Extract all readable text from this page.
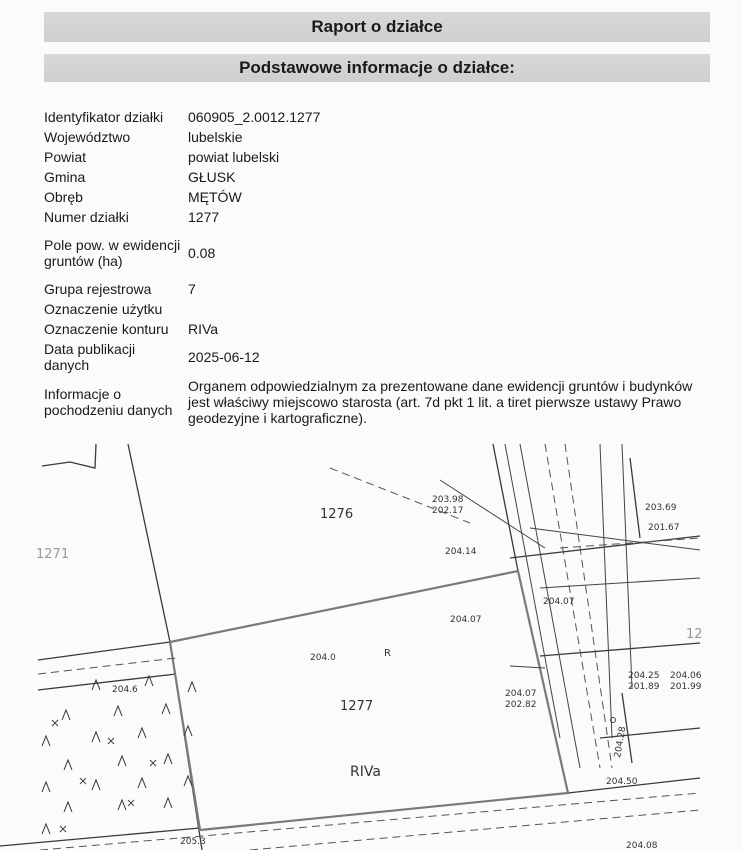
Raport o działce
Podstawowe informacje o działce:
Identyfikator działki	060905_2.0012.1277
Województwo	lubelskie
Powiat	powiat lubelski
Gmina	GŁUSK
Obręb	MĘTÓW
Numer działki	1277
Pole pow. w ewidencji gruntów (ha)	0.08
Grupa rejestrowa	7
Oznaczenie użytku	
Oznaczenie konturu	RIVa
Data publikacji danych	2025-06-12
Informacje o pochodzeniu danych	Organem odpowiedzialnym za prezentowane dane ewidencji gruntów i budynków jest właściwy miejscowo starosta (art. 7d pkt 1 lit. a tiret pierwsze ustawy Prawo geodezyjne i kartograficzne).
1276
1277
1271
12
RIVa
R
203.98
202.17
204.14
204.07
204.07
204.0
204.6	204.07
202.82
204.25
201.89
204.06
201.99
203.69
201.67
205.3
204.50
204.28
204.08
